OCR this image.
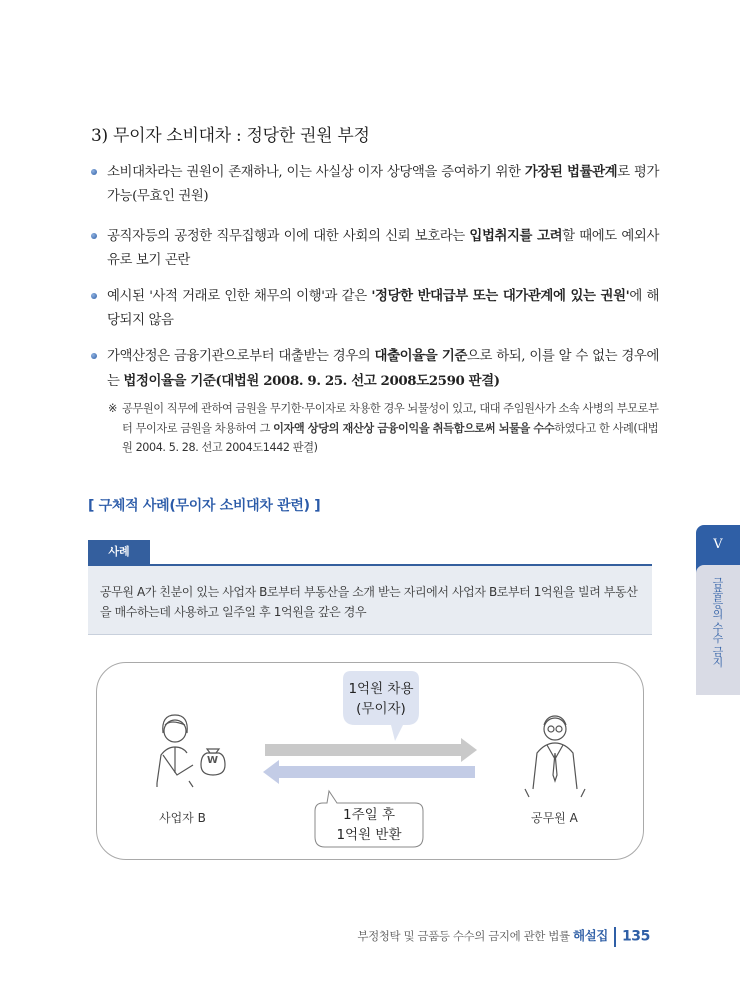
3) 무이자 소비대차 : 정당한 권원 부정
소비대차라는 권원이 존재하나, 이는 사실상 이자 상당액을 증여하기 위한 가장된 법률관계로 평가 가능(무효인 권원)
공직자등의 공정한 직무집행과 이에 대한 사회의 신뢰 보호라는 입법취지를 고려할 때에도 예외사유로 보기 곤란
예시된 '사적 거래로 인한 채무의 이행'과 같은 '정당한 반대급부 또는 대가관계에 있는 권원'에 해당되지 않음
가액산정은 금융기관으로부터 대출받는 경우의 대출이율을 기준으로 하되, 이를 알 수 없는 경우에는 법정이율을 기준(대법원 2008. 9. 25. 선고 2008도2590 판결)
※ 공무원이 직무에 관하여 금원을 무기한·무이자로 차용한 경우 뇌물성이 있고, 대대 주임원사가 소속 사병의 부모로부터 무이자로 금원을 차용하여 그 이자액 상당의 재산상 금융이익을 취득함으로써 뇌물을 수수하였다고 한 사례(대법원 2004. 5. 28. 선고 2004도1442 판결)
[ 구체적 사례(무이자 소비대차 관련) ]
사례
공무원 A가 친분이 있는 사업자 B로부터 부동산을 소개 받는 자리에서 사업자 B로부터 1억원을 빌려 부동산을 매수하는데 사용하고 일주일 후 1억원을 갚은 경우
W
1억원 차용
(무이자)
1주일 후
1억원 반환
사업자 B	공무원 A
V
금품등의 수수 금지
부정청탁 및 금품등 수수의 금지에 관한 법률 해설집 135
